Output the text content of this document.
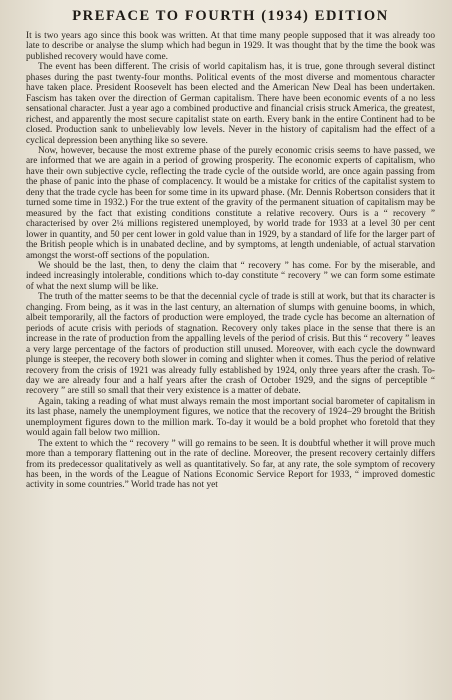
PREFACE TO FOURTH (1934) EDITION

It is two years ago since this book was written. At that time many people supposed that it was already too late to describe or analyse the slump which had begun in 1929. It was thought that by the time the book was published recovery would have come.

The event has been different. The crisis of world capitalism has, it is true, gone through several distinct phases during the past twenty-four months. Political events of the most diverse and momentous character have taken place. President Roosevelt has been elected and the American New Deal has been undertaken. Fascism has taken over the direction of German capitalism. There have been economic events of a no less sensational character. Just a year ago a combined productive and financial crisis struck America, the greatest, richest, and apparently the most secure capitalist state on earth. Every bank in the entire Continent had to be closed. Production sank to unbelievably low levels. Never in the history of capitalism had the effect of a cyclical depression been anything like so severe.

Now, however, because the most extreme phase of the purely economic crisis seems to have passed, we are informed that we are again in a period of growing prosperity. The economic experts of capitalism, who have their own subjective cycle, reflecting the trade cycle of the outside world, are once again passing from the phase of panic into the phase of complacency. It would be a mistake for critics of the capitalist system to deny that the trade cycle has been for some time in its upward phase. (Mr. Dennis Robertson considers that it turned some time in 1932.) For the true extent of the gravity of the permanent situation of capitalism may be measured by the fact that existing conditions constitute a relative recovery. Ours is a “ recovery ” characterised by over 2¼ millions registered unemployed, by world trade for 1933 at a level 30 per cent lower in quantity, and 50 per cent lower in gold value than in 1929, by a standard of life for the larger part of the British people which is in unabated decline, and by symptoms, at length undeniable, of actual starvation amongst the worst-off sections of the population.

We should be the last, then, to deny the claim that “ recovery ” has come. For by the miserable, and indeed increasingly intolerable, conditions which to-day constitute “ recovery ” we can form some estimate of what the next slump will be like.

The truth of the matter seems to be that the decennial cycle of trade is still at work, but that its character is changing. From being, as it was in the last century, an alternation of slumps with genuine booms, in which, albeit temporarily, all the factors of production were employed, the trade cycle has become an alternation of periods of acute crisis with periods of stagnation. Recovery only takes place in the sense that there is an increase in the rate of production from the appalling levels of the period of crisis. But this “ recovery ” leaves a very large percentage of the factors of production still unused. Moreover, with each cycle the downward plunge is steeper, the recovery both slower in coming and slighter when it comes. Thus the period of relative recovery from the crisis of 1921 was already fully established by 1924, only three years after the crash. To-day we are already four and a half years after the crash of October 1929, and the signs of perceptible “ recovery ” are still so small that their very existence is a matter of debate.

Again, taking a reading of what must always remain the most important social barometer of capitalism in its last phase, namely the unemployment figures, we notice that the recovery of 1924–29 brought the British unemployment figures down to the million mark. To-day it would be a bold prophet who foretold that they would again fall below two million.

The extent to which the “ recovery ” will go remains to be seen. It is doubtful whether it will prove much more than a temporary flattening out in the rate of decline. Moreover, the present recovery certainly differs from its predecessor qualitatively as well as quantitatively. So far, at any rate, the sole symptom of recovery has been, in the words of the League of Nations Economic Service Report for 1933, “ improved domestic activity in some countries.” World trade has not yet
